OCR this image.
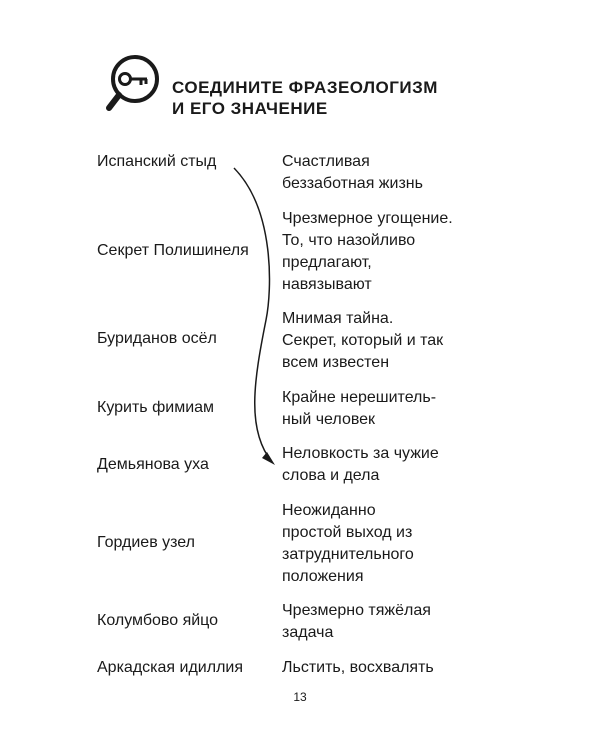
СОЕДИНИТЕ ФРАЗЕОЛОГИЗМ
И ЕГО ЗНАЧЕНИЕ
Испанский стыд
Секрет Полишинеля
Буриданов осёл
Курить фимиам
Демьянова уха
Гордиев узел
Колумбово яйцо
Аркадская идиллия
Счастливая
беззаботная жизнь
Чрезмерное угощение.
То, что назойливо
предлагают,
навязывают
Мнимая тайна.
Секрет, который и так
всем известен
Крайне нерешитель-
ный человек
Неловкость за чужие
слова и дела
Неожиданно
простой выход из
затруднительного
положения
Чрезмерно тяжёлая
задача
Льстить, восхвалять
13
